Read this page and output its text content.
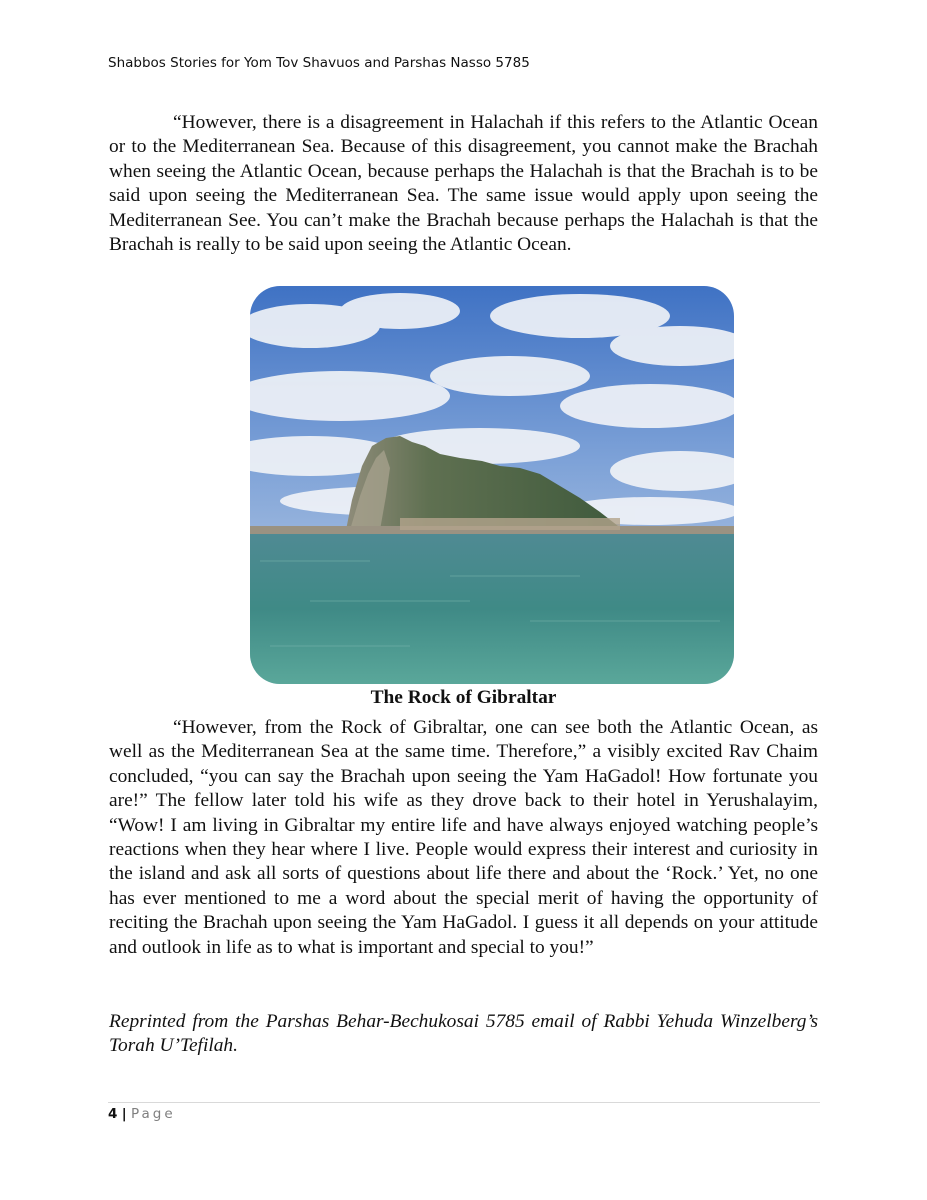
Shabbos Stories for Yom Tov Shavuos and Parshas Nasso 5785

“However, there is a disagreement in Halachah if this refers to the Atlantic Ocean or to the Mediterranean Sea. Because of this disagreement, you cannot make the Brachah when seeing the Atlantic Ocean, because perhaps the Halachah is that the Brachah is to be said upon seeing the Mediterranean Sea. The same issue would apply upon seeing the Mediterranean See. You can’t make the Brachah because perhaps the Halachah is that the Brachah is really to be said upon seeing the Atlantic Ocean.

The Rock of Gibraltar

“However, from the Rock of Gibraltar, one can see both the Atlantic Ocean, as well as the Mediterranean Sea at the same time. Therefore,” a visibly excited Rav Chaim concluded, “you can say the Brachah upon seeing the Yam HaGadol! How fortunate you are!” The fellow later told his wife as they drove back to their hotel in Yerushalayim, “Wow! I am living in Gibraltar my entire life and have always enjoyed watching people’s reactions when they hear where I live. People would express their interest and curiosity in the island and ask all sorts of questions about life there and about the ‘Rock.’ Yet, no one has ever mentioned to me a word about the special merit of having the opportunity of reciting the Brachah upon seeing the Yam HaGadol. I guess it all depends on your attitude and outlook in life as to what is important and special to you!”

Reprinted from the Parshas Behar-Bechukosai 5785 email of Rabbi Yehuda Winzelberg’s Torah U’Tefilah.

4 | Page
